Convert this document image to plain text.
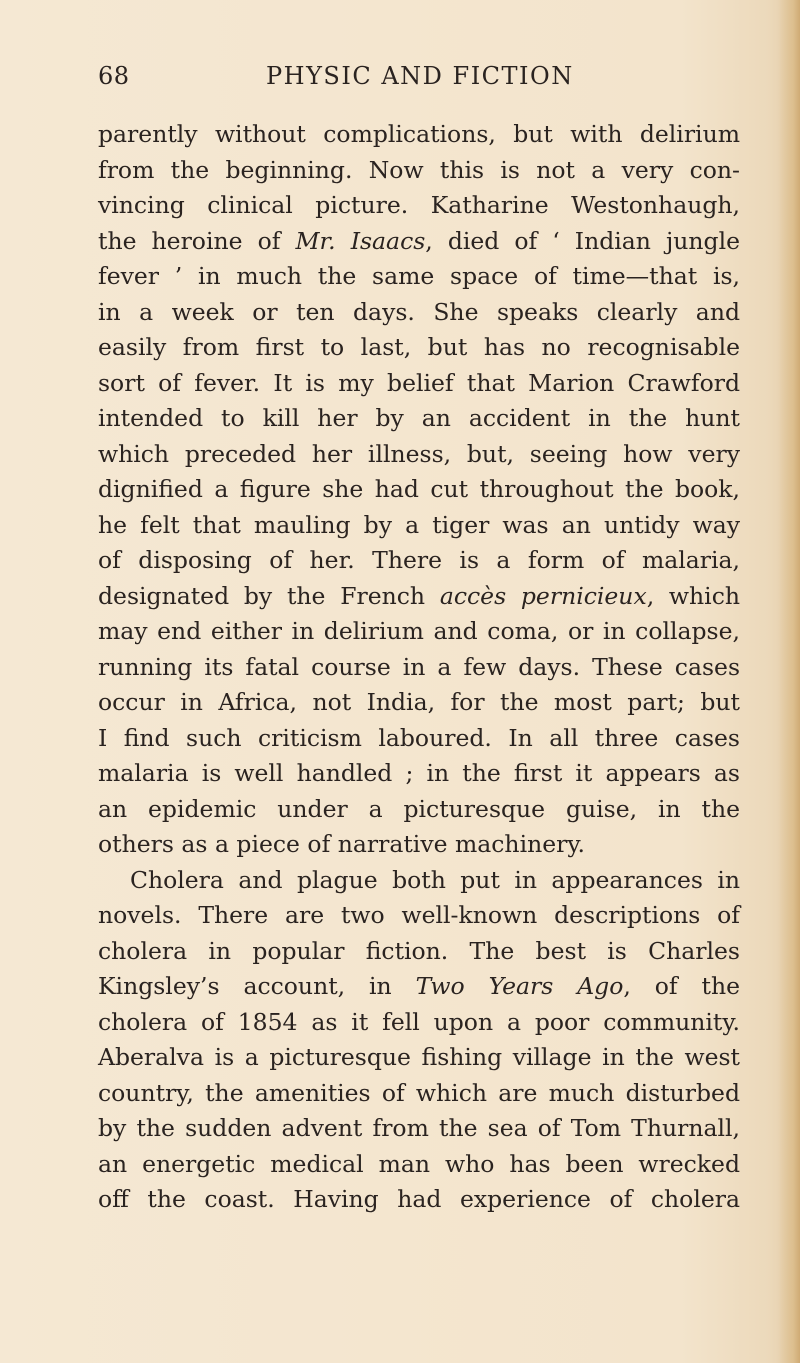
68	PHYSIC AND FICTION
parently without complications, but with delirium
from the beginning. Now this is not a very con-
vincing clinical picture. Katharine Westonhaugh,
the heroine of Mr. Isaacs, died of ‘ Indian jungle
fever ’ in much the same space of time—that is,
in a week or ten days. She speaks clearly and
easily from first to last, but has no recognisable
sort of fever. It is my belief that Marion Crawford
intended to kill her by an accident in the hunt
which preceded her illness, but, seeing how very
dignified a figure she had cut throughout the book,
he felt that mauling by a tiger was an untidy way
of disposing of her. There is a form of malaria,
designated by the French accès pernicieux, which
may end either in delirium and coma, or in collapse,
running its fatal course in a few days. These cases
occur in Africa, not India, for the most part; but
I find such criticism laboured. In all three cases
malaria is well handled ; in the first it appears as
an epidemic under a picturesque guise, in the
others as a piece of narrative machinery.
Cholera and plague both put in appearances in
novels. There are two well-known descriptions of
cholera in popular fiction. The best is Charles
Kingsley’s account, in Two Years Ago, of the
cholera of 1854 as it fell upon a poor community.
Aberalva is a picturesque fishing village in the west
country, the amenities of which are much disturbed
by the sudden advent from the sea of Tom Thurnall,
an energetic medical man who has been wrecked
off the coast. Having had experience of cholera
